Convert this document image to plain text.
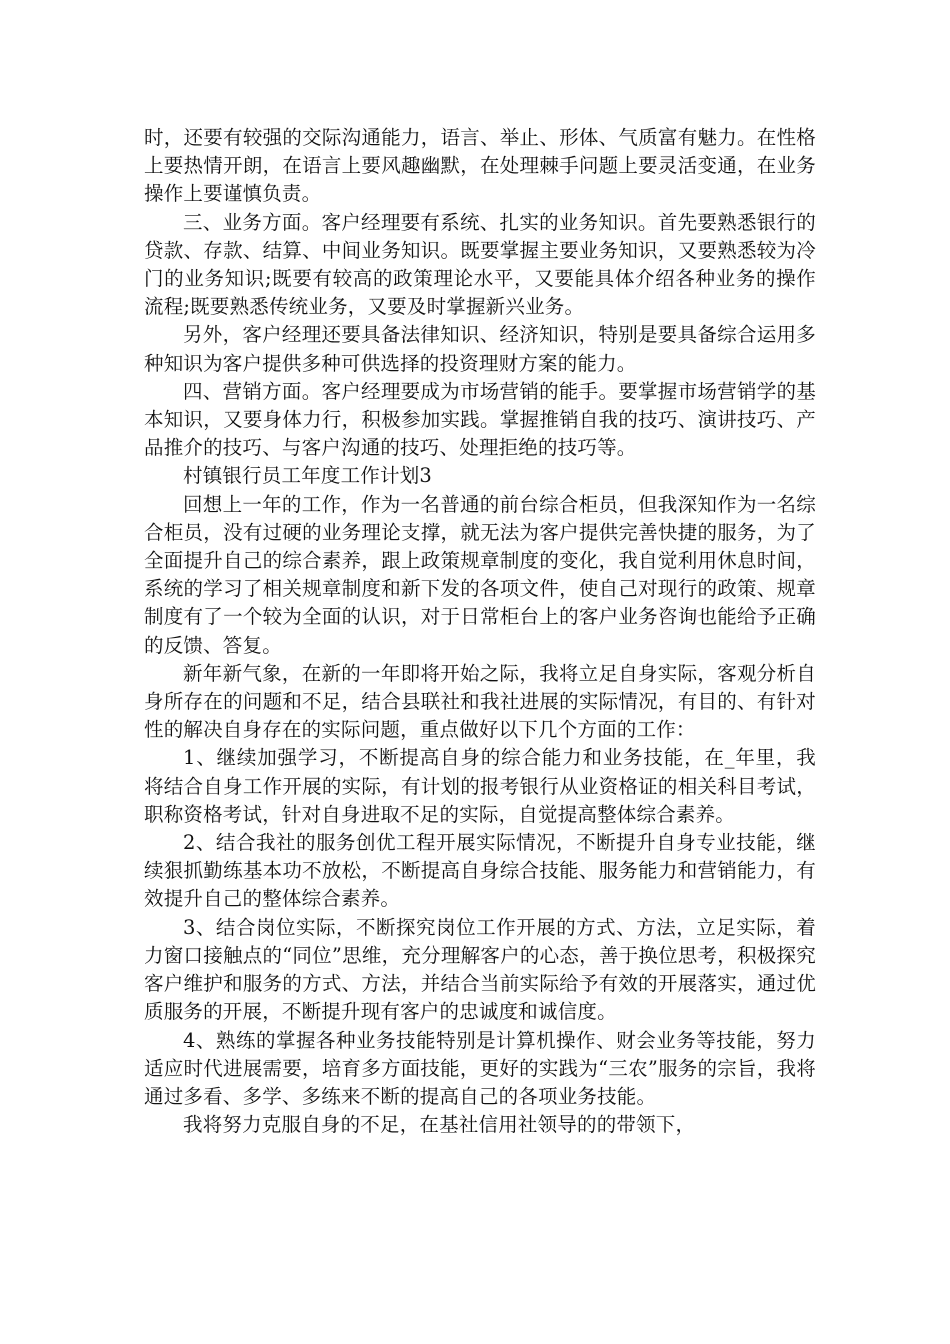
时，还要有较强的交际沟通能力，语言、举止、形体、气质富有魅力。在性格上要热情开朗，在语言上要风趣幽默，在处理棘手问题上要灵活变通，在业务操作上要谨慎负责。

三、业务方面。客户经理要有系统、扎实的业务知识。首先要熟悉银行的贷款、存款、结算、中间业务知识。既要掌握主要业务知识，又要熟悉较为冷门的业务知识;既要有较高的政策理论水平，又要能具体介绍各种业务的操作流程;既要熟悉传统业务，又要及时掌握新兴业务。

另外，客户经理还要具备法律知识、经济知识，特别是要具备综合运用多种知识为客户提供多种可供选择的投资理财方案的能力。

四、营销方面。客户经理要成为市场营销的能手。要掌握市场营销学的基本知识，又要身体力行，积极参加实践。掌握推销自我的技巧、演讲技巧、产品推介的技巧、与客户沟通的技巧、处理拒绝的技巧等。

村镇银行员工年度工作计划3

回想上一年的工作，作为一名普通的前台综合柜员，但我深知作为一名综合柜员，没有过硬的业务理论支撑，就无法为客户提供完善快捷的服务，为了全面提升自己的综合素养，跟上政策规章制度的变化，我自觉利用休息时间，系统的学习了相关规章制度和新下发的各项文件，使自己对现行的政策、规章制度有了一个较为全面的认识，对于日常柜台上的客户业务咨询也能给予正确的反馈、答复。

新年新气象，在新的一年即将开始之际，我将立足自身实际，客观分析自身所存在的问题和不足，结合县联社和我社进展的实际情况，有目的、有针对性的解决自身存在的实际问题，重点做好以下几个方面的工作：

1、继续加强学习，不断提高自身的综合能力和业务技能，在_年里，我将结合自身工作开展的实际，有计划的报考银行从业资格证的相关科目考试，职称资格考试，针对自身进取不足的实际，自觉提高整体综合素养。

2、结合我社的服务创优工程开展实际情况，不断提升自身专业技能，继续狠抓勤练基本功不放松，不断提高自身综合技能、服务能力和营销能力，有效提升自己的整体综合素养。

3、结合岗位实际，不断探究岗位工作开展的方式、方法，立足实际，着力窗口接触点的“同位”思维，充分理解客户的心态，善于换位思考，积极探究客户维护和服务的方式、方法，并结合当前实际给予有效的开展落实，通过优质服务的开展，不断提升现有客户的忠诚度和诚信度。

4、熟练的掌握各种业务技能特别是计算机操作、财会业务等技能，努力适应时代进展需要，培育多方面技能，更好的实践为“三农”服务的宗旨，我将通过多看、多学、多练来不断的提高自己的各项业务技能。

我将努力克服自身的不足，在基社信用社领导的的带领下，
